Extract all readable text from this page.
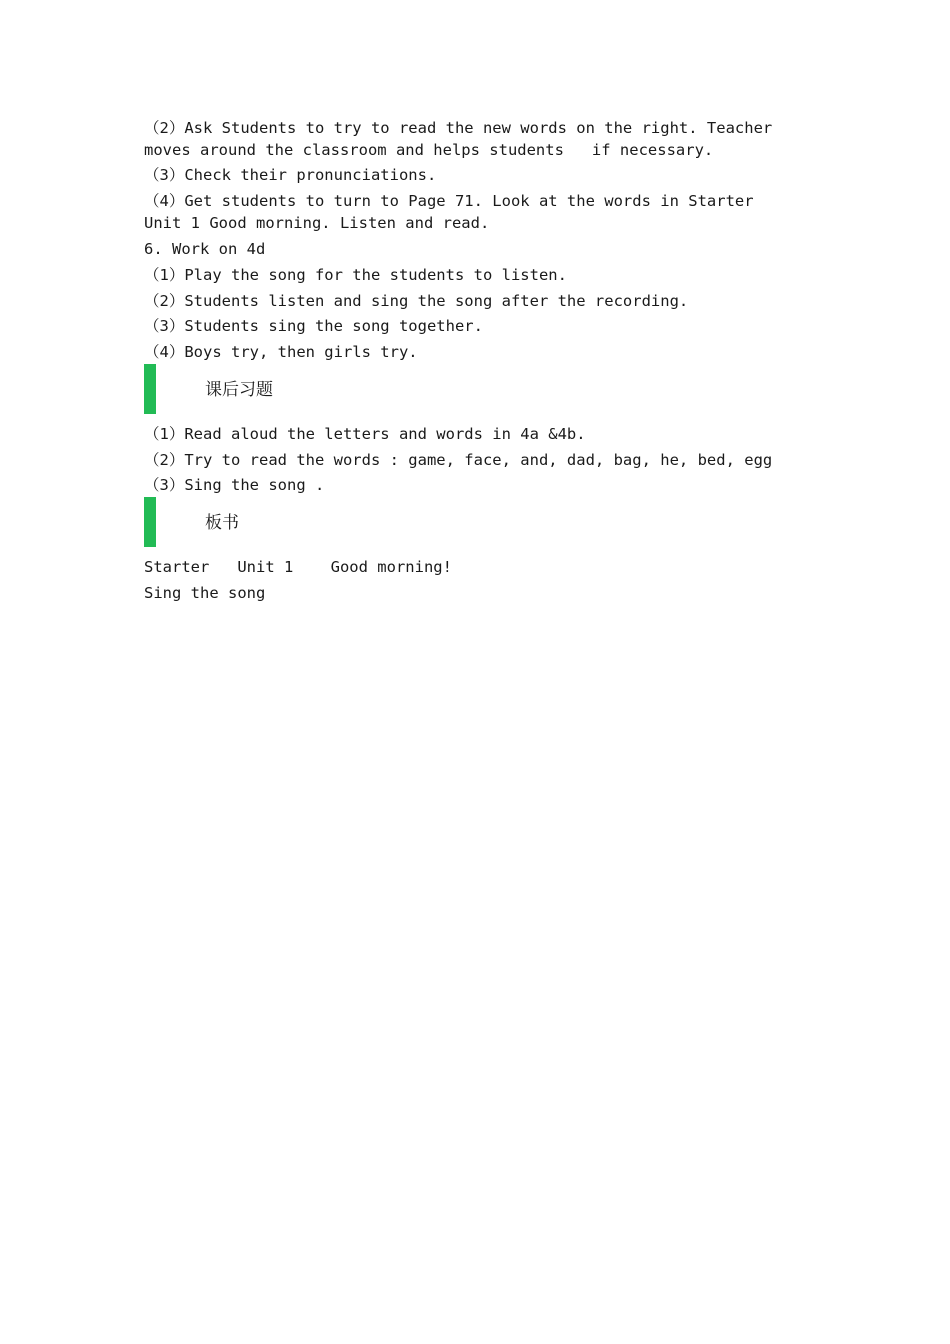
（2）Ask Students to try to read the new words on the right. Teacher
moves around the classroom and helps students   if necessary.
（3）Check their pronunciations.
（4）Get students to turn to Page 71. Look at the words in Starter
Unit 1 Good morning. Listen and read.
6. Work on 4d
（1）Play the song for the students to listen.
（2）Students listen and sing the song after the recording.
（3）Students sing the song together.
（4）Boys try, then girls try.
课后习题
（1）Read aloud the letters and words in 4a &4b.
（2）Try to read the words : game, face, and, dad, bag, he, bed, egg
（3）Sing the song .
板书
Starter   Unit 1    Good morning!
Sing the song
